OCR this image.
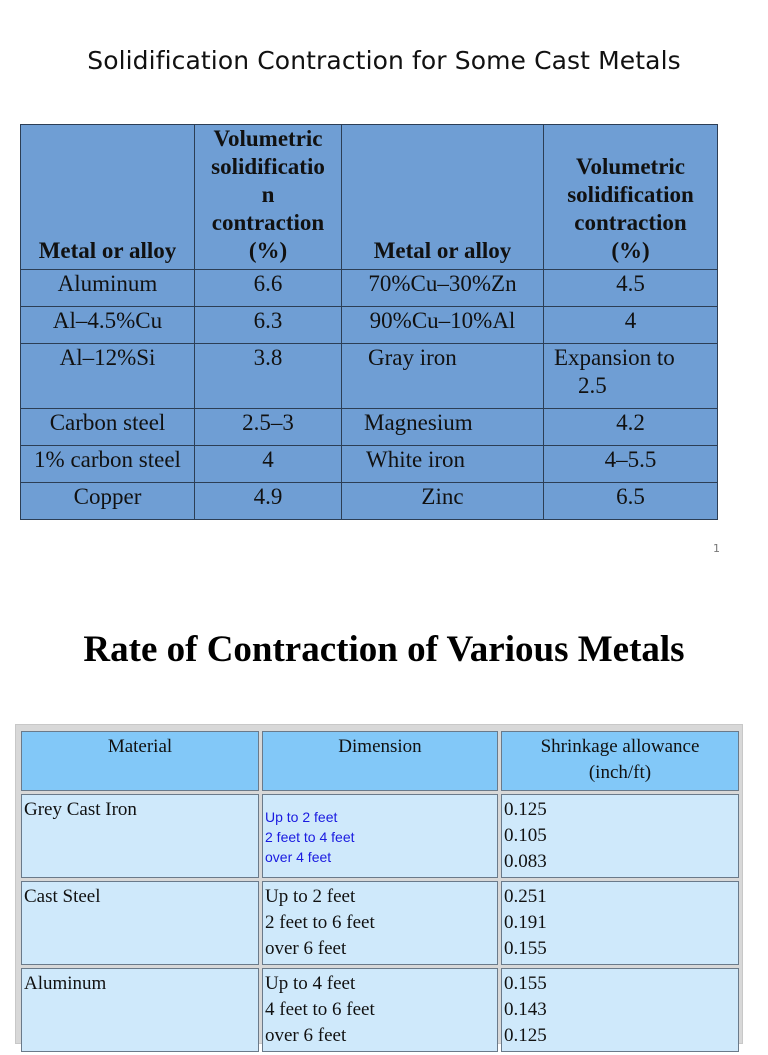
Solidification Contraction for Some Cast Metals
Metal or alloy	Volumetric
solidificatio
n
contraction
(%)	Metal or alloy	Volumetric
solidification
contraction
(%)

Aluminum	6.6	70%Cu–30%Zn	4.5
Al–4.5%Cu	6.3	90%Cu–10%Al	4
Al–12%Si	3.8	Gray iron	Expansion to
2.5

Carbon steel	2.5–3	Magnesium	4.2
1% carbon steel	4	White iron	4–5.5
Copper	4.9	Zinc	6.5
1
Rate of Contraction of Various Metals
Material	Dimension	Shrinkage allowance
(inch/ft)

Grey Cast Iron	Up to 2 feet
2 feet to 4 feet
over 4 feet	0.125
0.105
0.083

Cast Steel	Up to 2 feet
2 feet to 6 feet
over 6 feet	0.251
0.191
0.155

Aluminum	Up to 4 feet
4 feet to 6 feet
over 6 feet	0.155
0.143
0.125
